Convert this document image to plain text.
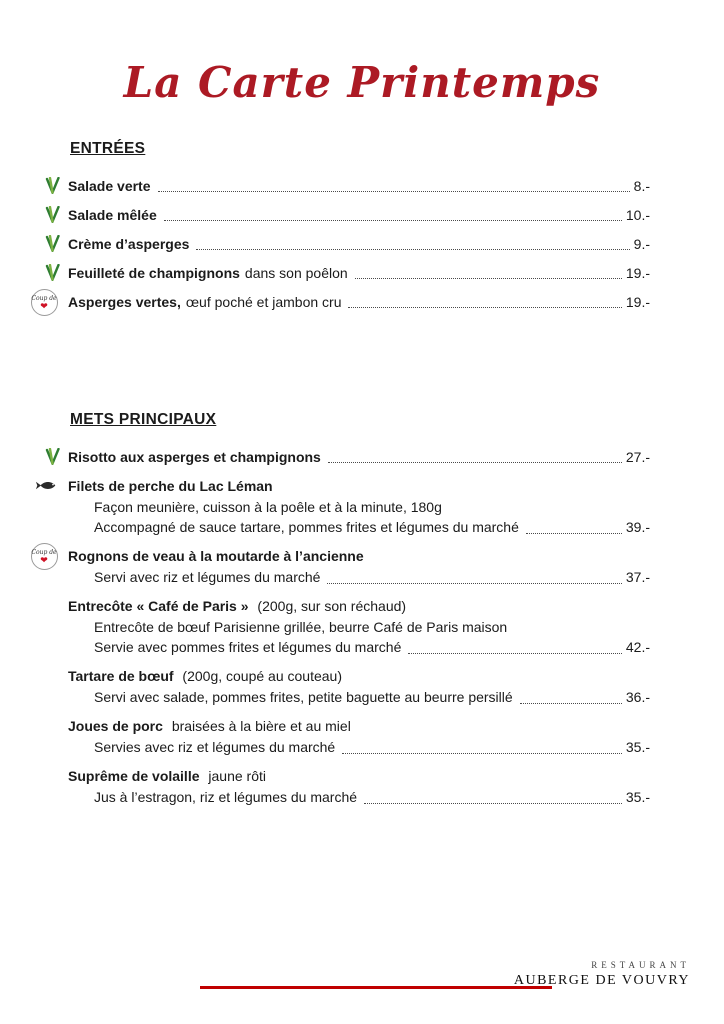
La Carte Printemps
ENTRÉES
Salade verte	8.-
Salade mêlée	10.-
Crème d’asperges	9.-
Feuilleté de champignons dans son poêlon	19.-
Coup de
❤ Asperges vertes, œuf poché et jambon cru	19.-
METS PRINCIPAUX
Risotto aux asperges et champignons	27.-
Filets de perche du Lac Léman
Façon meunière, cuisson à la poêle et à la minute, 180g
Accompagné de sauce tartare, pommes frites et légumes du marché	39.-
Coup de
❤ Rognons de veau à la moutarde à l’ancienne
Servi avec riz et légumes du marché	37.-
Entrecôte « Café de Paris » (200g, sur son réchaud)
Entrecôte de bœuf Parisienne grillée, beurre Café de Paris maison
Servie avec pommes frites et légumes du marché	42.-
Tartare de bœuf (200g, coupé au couteau)
Servi avec salade, pommes frites, petite baguette au beurre persillé	36.-
Joues de porc braisées à la bière et au miel
Servies avec riz et légumes du marché	35.-
Suprême de volaille jaune rôti
Jus à l’estragon, riz et légumes du marché	35.-
RESTAURANT
AUBERGE DE VOUVRY
